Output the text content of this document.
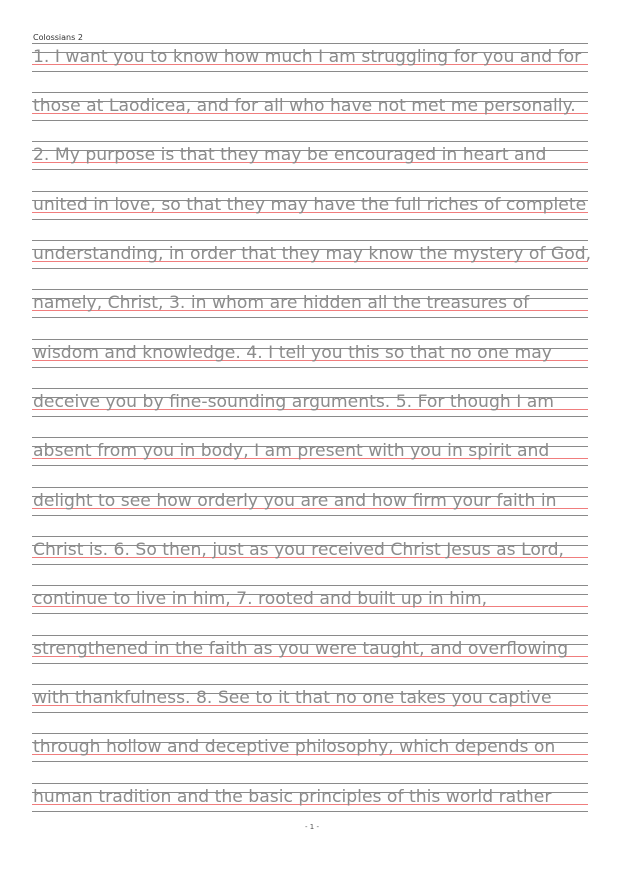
Colossians 2
1. I want you to know how much I am struggling for you and for
those at Laodicea, and for all who have not met me personally.
2. My purpose is that they may be encouraged in heart and
united in love, so that they may have the full riches of complete
understanding, in order that they may know the mystery of God,
namely, Christ, 3. in whom are hidden all the treasures of
wisdom and knowledge. 4. I tell you this so that no one may
deceive you by fine-sounding arguments. 5. For though I am
absent from you in body, I am present with you in spirit and
delight to see how orderly you are and how firm your faith in
Christ is. 6. So then, just as you received Christ Jesus as Lord,
continue to live in him, 7. rooted and built up in him,
strengthened in the faith as you were taught, and overflowing
with thankfulness. 8. See to it that no one takes you captive
through hollow and deceptive philosophy, which depends on
human tradition and the basic principles of this world rather
- 1 -
